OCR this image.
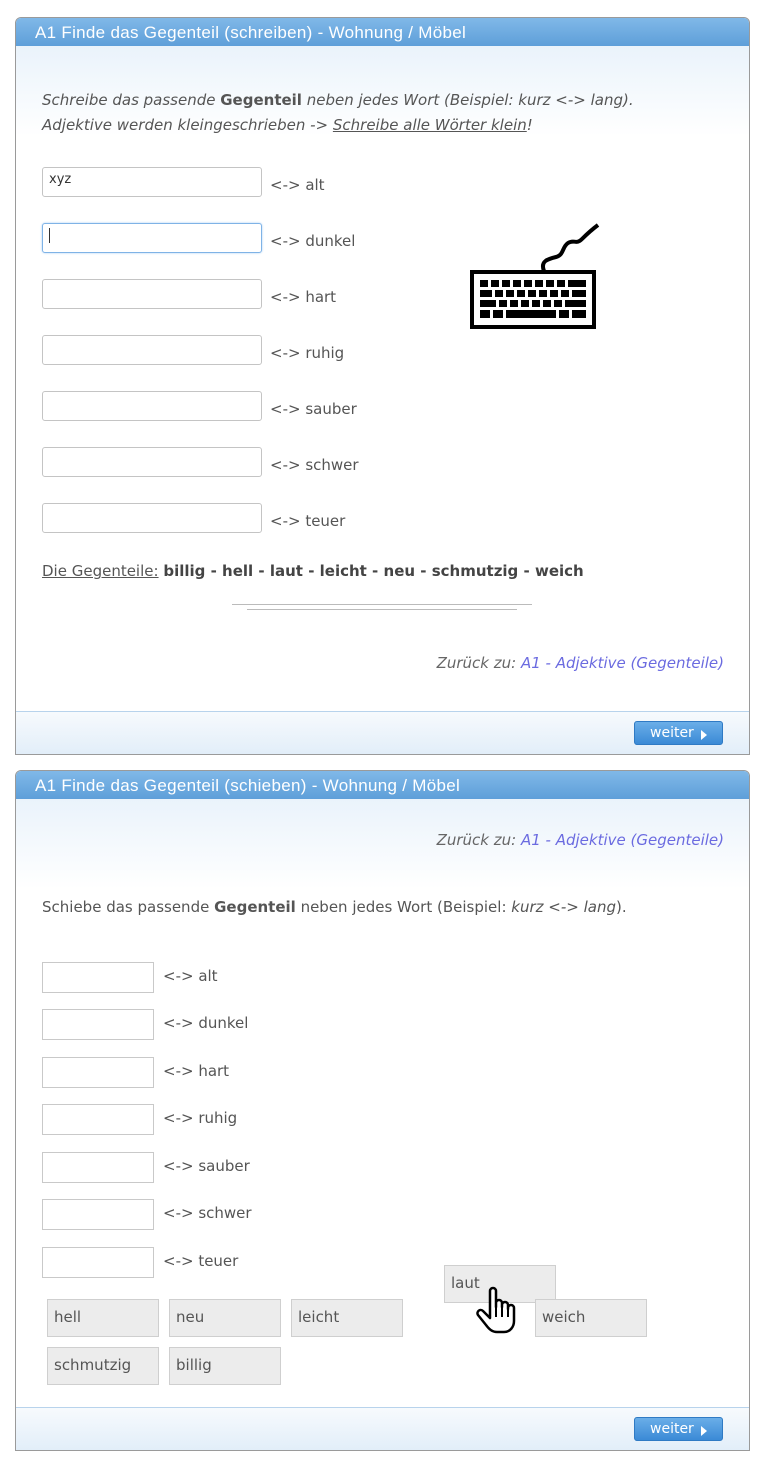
A1 Finde das Gegenteil (schreiben) - Wohnung / Möbel
Schreibe das passende Gegenteil neben jedes Wort (Beispiel: kurz <-> lang).
Adjektive werden kleingeschrieben -> Schreibe alle Wörter klein!
xyz	<-> alt
<-> dunkel
<-> hart
<-> ruhig
<-> sauber
<-> schwer
<-> teuer
Die Gegenteile: billig - hell - laut - leicht - neu - schmutzig - weich
Zurück zu: A1 - Adjektive (Gegenteile)
weiter
A1 Finde das Gegenteil (schieben) - Wohnung / Möbel
Zurück zu: A1 - Adjektive (Gegenteile)
Schiebe das passende Gegenteil neben jedes Wort (Beispiel: kurz <-> lang).
<-> alt
<-> dunkel
<-> hart
<-> ruhig
<-> sauber
<-> schwer
<-> teuer
hell	neu	leicht
laut
weich
schmutzig	billig
weiter
